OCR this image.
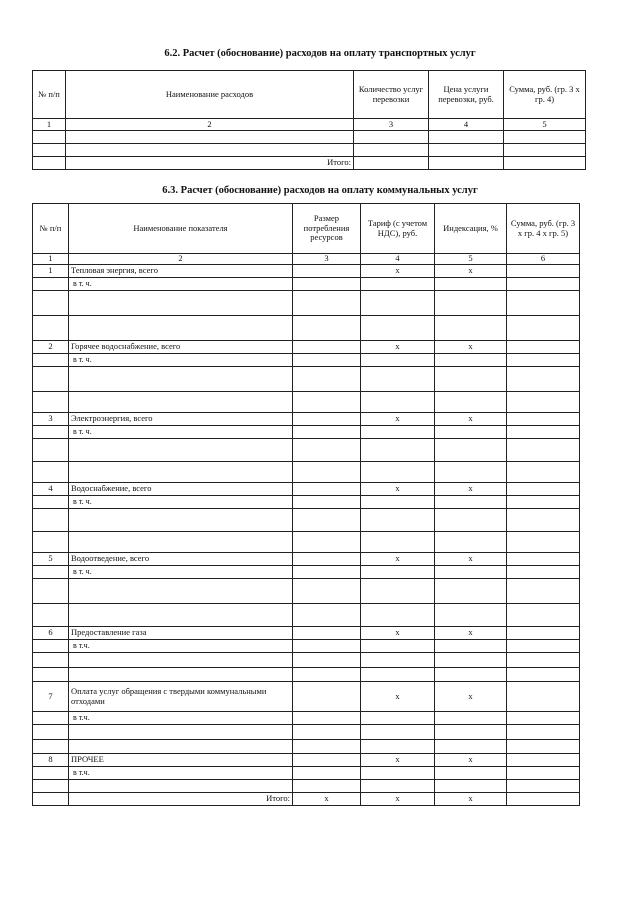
6.2. Расчет (обоснование) расходов на оплату транспортных услуг
№ п/п	Наименование расходов	Количество услуг перевозки	Цена услуги перевозки, руб.	Сумма, руб. (гр. 3 х гр. 4)
1	2	3	4	5

	Итого:			
6.3. Расчет (обоснование) расходов на оплату коммунальных услуг
№ п/п	Наименование показателя	Размер потребления ресурсов	Тариф (с учетом НДС), руб.	Индексация, %	Сумма, руб. (гр. 3 х гр. 4 х гр. 5)
1	2	3	4	5	6
1	Тепловая энергия, всего		х	х	
	в т. ч.				

2	Горячее водоснабжение, всего		х	х	
	в т. ч.				

3	Электроэнергия, всего		х	х	
	в т. ч.				

4	Водоснабжение, всего		х	х	
	в т. ч.				

5	Водоотведение, всего		х	х	
	в т. ч.				

6	Предоставление газа		х	х	
	в т.ч.				

7	Оплата услуг обращения с твердыми коммунальными отходами		х	х	
	в т.ч.				

8	ПРОЧЕЕ		х	х	
	в т.ч.				

	Итого:	х	х	х	
